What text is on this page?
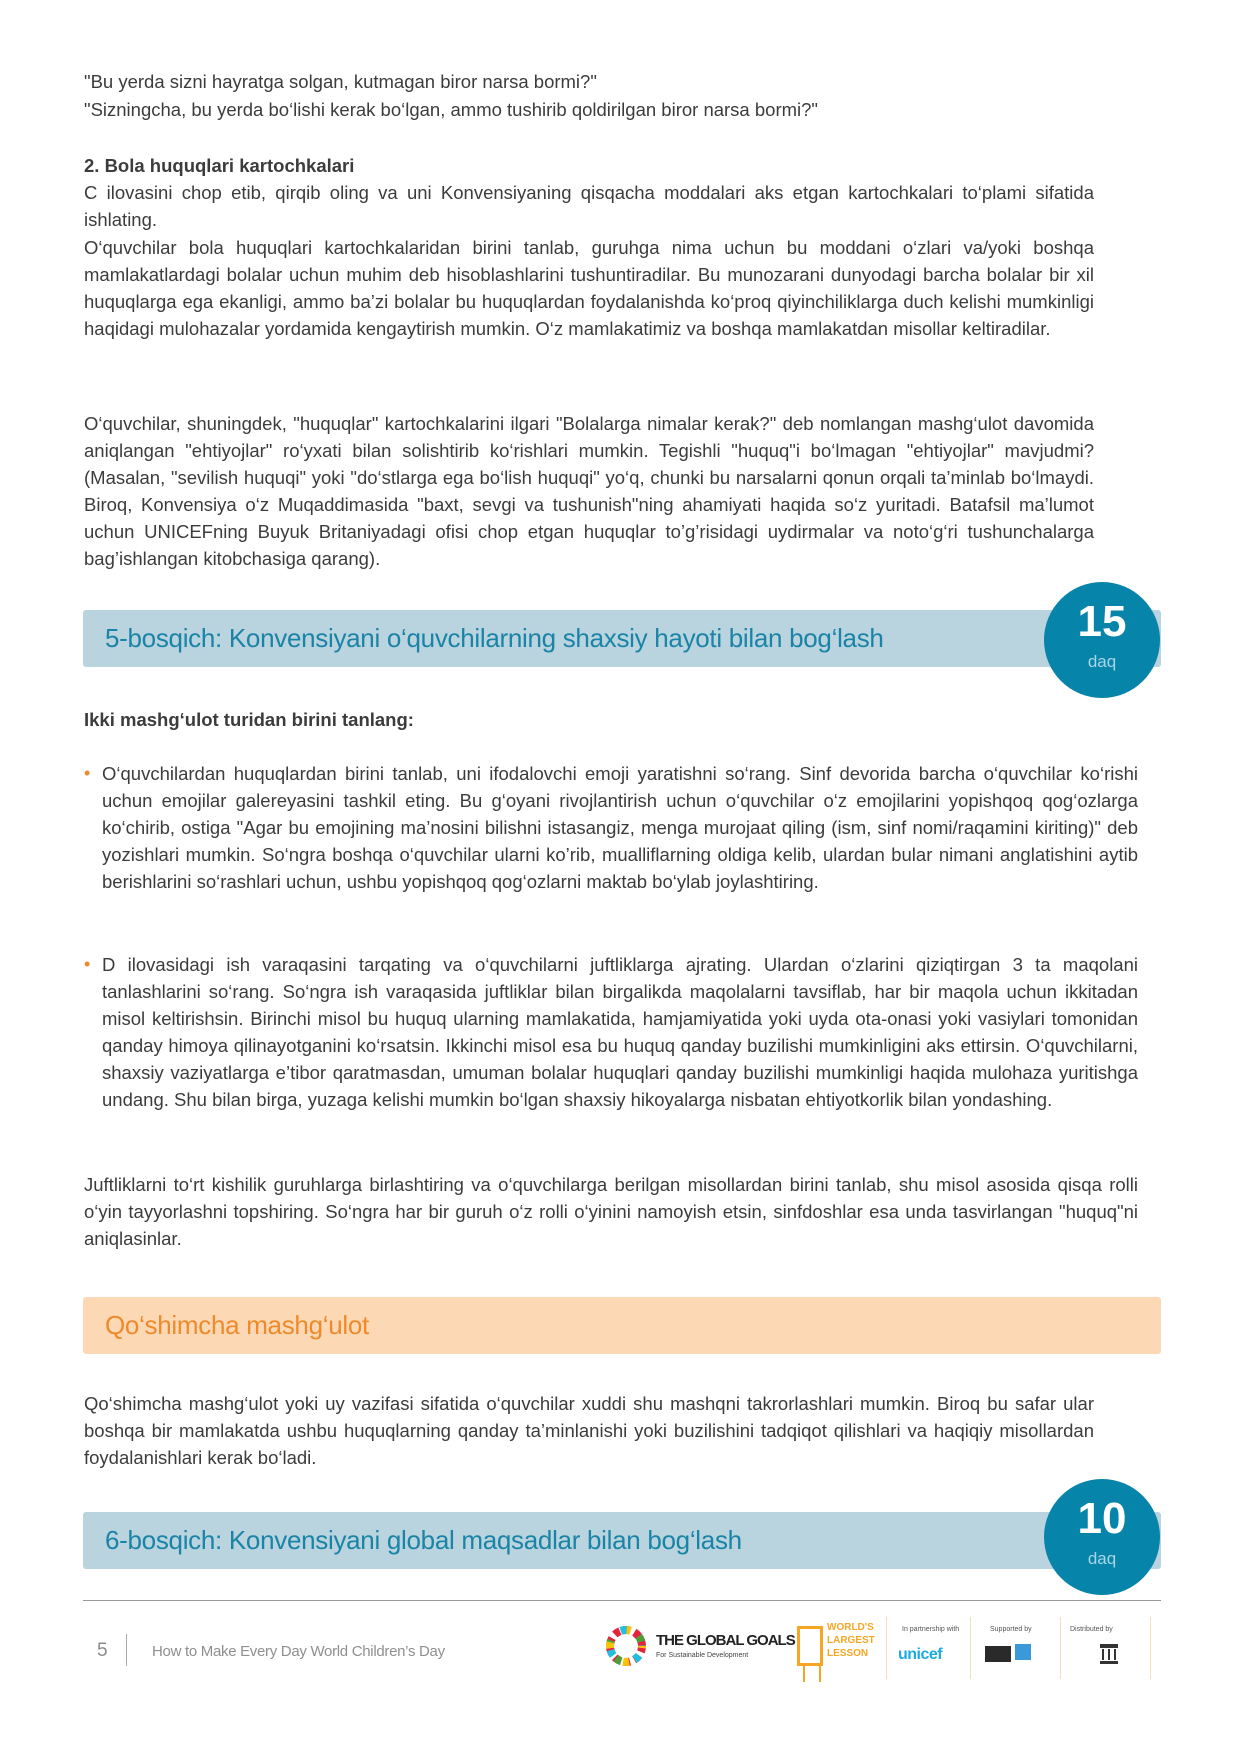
"Bu yerda sizni hayratga solgan, kutmagan biror narsa bormi?"

"Sizningcha, bu yerda bo‘lishi kerak bo‘lgan, ammo tushirib qoldirilgan biror narsa bormi?"

2. Bola huquqlari kartochkalari

C ilovasini chop etib, qirqib oling va uni Konvensiyaning qisqacha moddalari aks etgan kartochkalari to‘plami sifatida ishlating.

O‘quvchilar bola huquqlari kartochkalaridan birini tanlab, guruhga nima uchun bu moddani o‘zlari va/yoki boshqa mamlakatlardagi bolalar uchun muhim deb hisoblashlarini tushuntiradilar. Bu munozarani dunyodagi barcha bolalar bir xil huquqlarga ega ekanligi, ammo ba’zi bolalar bu huquqlardan foydalanishda ko‘proq qiyinchiliklarga duch kelishi mumkinligi haqidagi mulohazalar yordamida kengaytirish mumkin. O‘z mamlakatimiz va boshqa mamlakatdan misollar keltiradilar.

O‘quvchilar, shuningdek, "huquqlar" kartochkalarini ilgari "Bolalarga nimalar kerak?" deb nomlangan mashg‘ulot davomida aniqlangan "ehtiyojlar" ro‘yxati bilan solishtirib ko‘rishlari mumkin. Tegishli "huquq"i bo‘lmagan "ehtiyojlar" mavjudmi? (Masalan, "sevilish huquqi" yoki "do‘stlarga ega bo‘lish huquqi" yo‘q, chunki bu narsalarni qonun orqali ta’minlab bo‘lmaydi. Biroq, Konvensiya o‘z Muqaddimasida "baxt, sevgi va tushunish"ning ahamiyati haqida so‘z yuritadi. Batafsil ma’lumot uchun UNICEFning Buyuk Britaniyadagi ofisi chop etgan huquqlar to’g’risidagi uydirmalar va noto‘g‘ri tushunchalarga bag’ishlangan kitobchasiga qarang).

5-bosqich: Konvensiyani o‘quvchilarning shaxsiy hayoti bilan bog‘lash	15
daq

Ikki mashg‘ulot turidan birini tanlang:

• O‘quvchilardan huquqlardan birini tanlab, uni ifodalovchi emoji yaratishni so‘rang. Sinf devorida barcha o‘quvchilar ko‘rishi uchun emojilar galereyasini tashkil eting. Bu g‘oyani rivojlantirish uchun o‘quvchilar o‘z emojilarini yopishqoq qog‘ozlarga ko‘chirib, ostiga "Agar bu emojining ma’nosini bilishni istasangiz, menga murojaat qiling (ism, sinf nomi/raqamini kiriting)" deb yozishlari mumkin. So‘ngra boshqa o‘quvchilar ularni ko’rib, mualliflarning oldiga kelib, ulardan bular nimani anglatishini aytib berishlarini so‘rashlari uchun, ushbu yopishqoq qog‘ozlarni maktab bo‘ylab joylashtiring.
• D ilovasidagi ish varaqasini tarqating va o‘quvchilarni juftliklarga ajrating. Ulardan o‘zlarini qiziqtirgan 3 ta maqolani tanlashlarini so‘rang. So‘ngra ish varaqasida juftliklar bilan birgalikda maqolalarni tavsiflab, har bir maqola uchun ikkitadan misol keltirishsin. Birinchi misol bu huquq ularning mamlakatida, hamjamiyatida yoki uyda ota-onasi yoki vasiylari tomonidan qanday himoya qilinayotganini ko‘rsatsin. Ikkinchi misol esa bu huquq qanday buzilishi mumkinligini aks ettirsin. O‘quvchilarni, shaxsiy vaziyatlarga e’tibor qaratmasdan, umuman bolalar huquqlari qanday buzilishi mumkinligi haqida mulohaza yuritishga undang. Shu bilan birga, yuzaga kelishi mumkin bo‘lgan shaxsiy hikoyalarga nisbatan ehtiyotkorlik bilan yondashing.

Juftliklarni to‘rt kishilik guruhlarga birlashtiring va o‘quvchilarga berilgan misollardan birini tanlab, shu misol asosida qisqa rolli o‘yin tayyorlashni topshiring. So‘ngra har bir guruh o‘z rolli o‘yinini namoyish etsin, sinfdoshlar esa unda tasvirlangan "huquq"ni aniqlasinlar.

Qo‘shimcha mashg‘ulot

Qo‘shimcha mashg‘ulot yoki uy vazifasi sifatida o‘quvchilar xuddi shu mashqni takrorlashlari mumkin. Biroq bu safar ular boshqa bir mamlakatda ushbu huquqlarning qanday ta’minlanishi yoki buzilishini tadqiqot qilishlari va haqiqiy misollardan foydalanishlari kerak bo‘ladi.

6-bosqich: Konvensiyani global maqsadlar bilan bog‘lash	10
daq
5	How to Make Every Day World Children’s Day
THE GLOBAL GOALS
For Sustainable Development
WORLD'S
LARGEST
LESSON
In partnership with
unicef
Supported by	Distributed by
